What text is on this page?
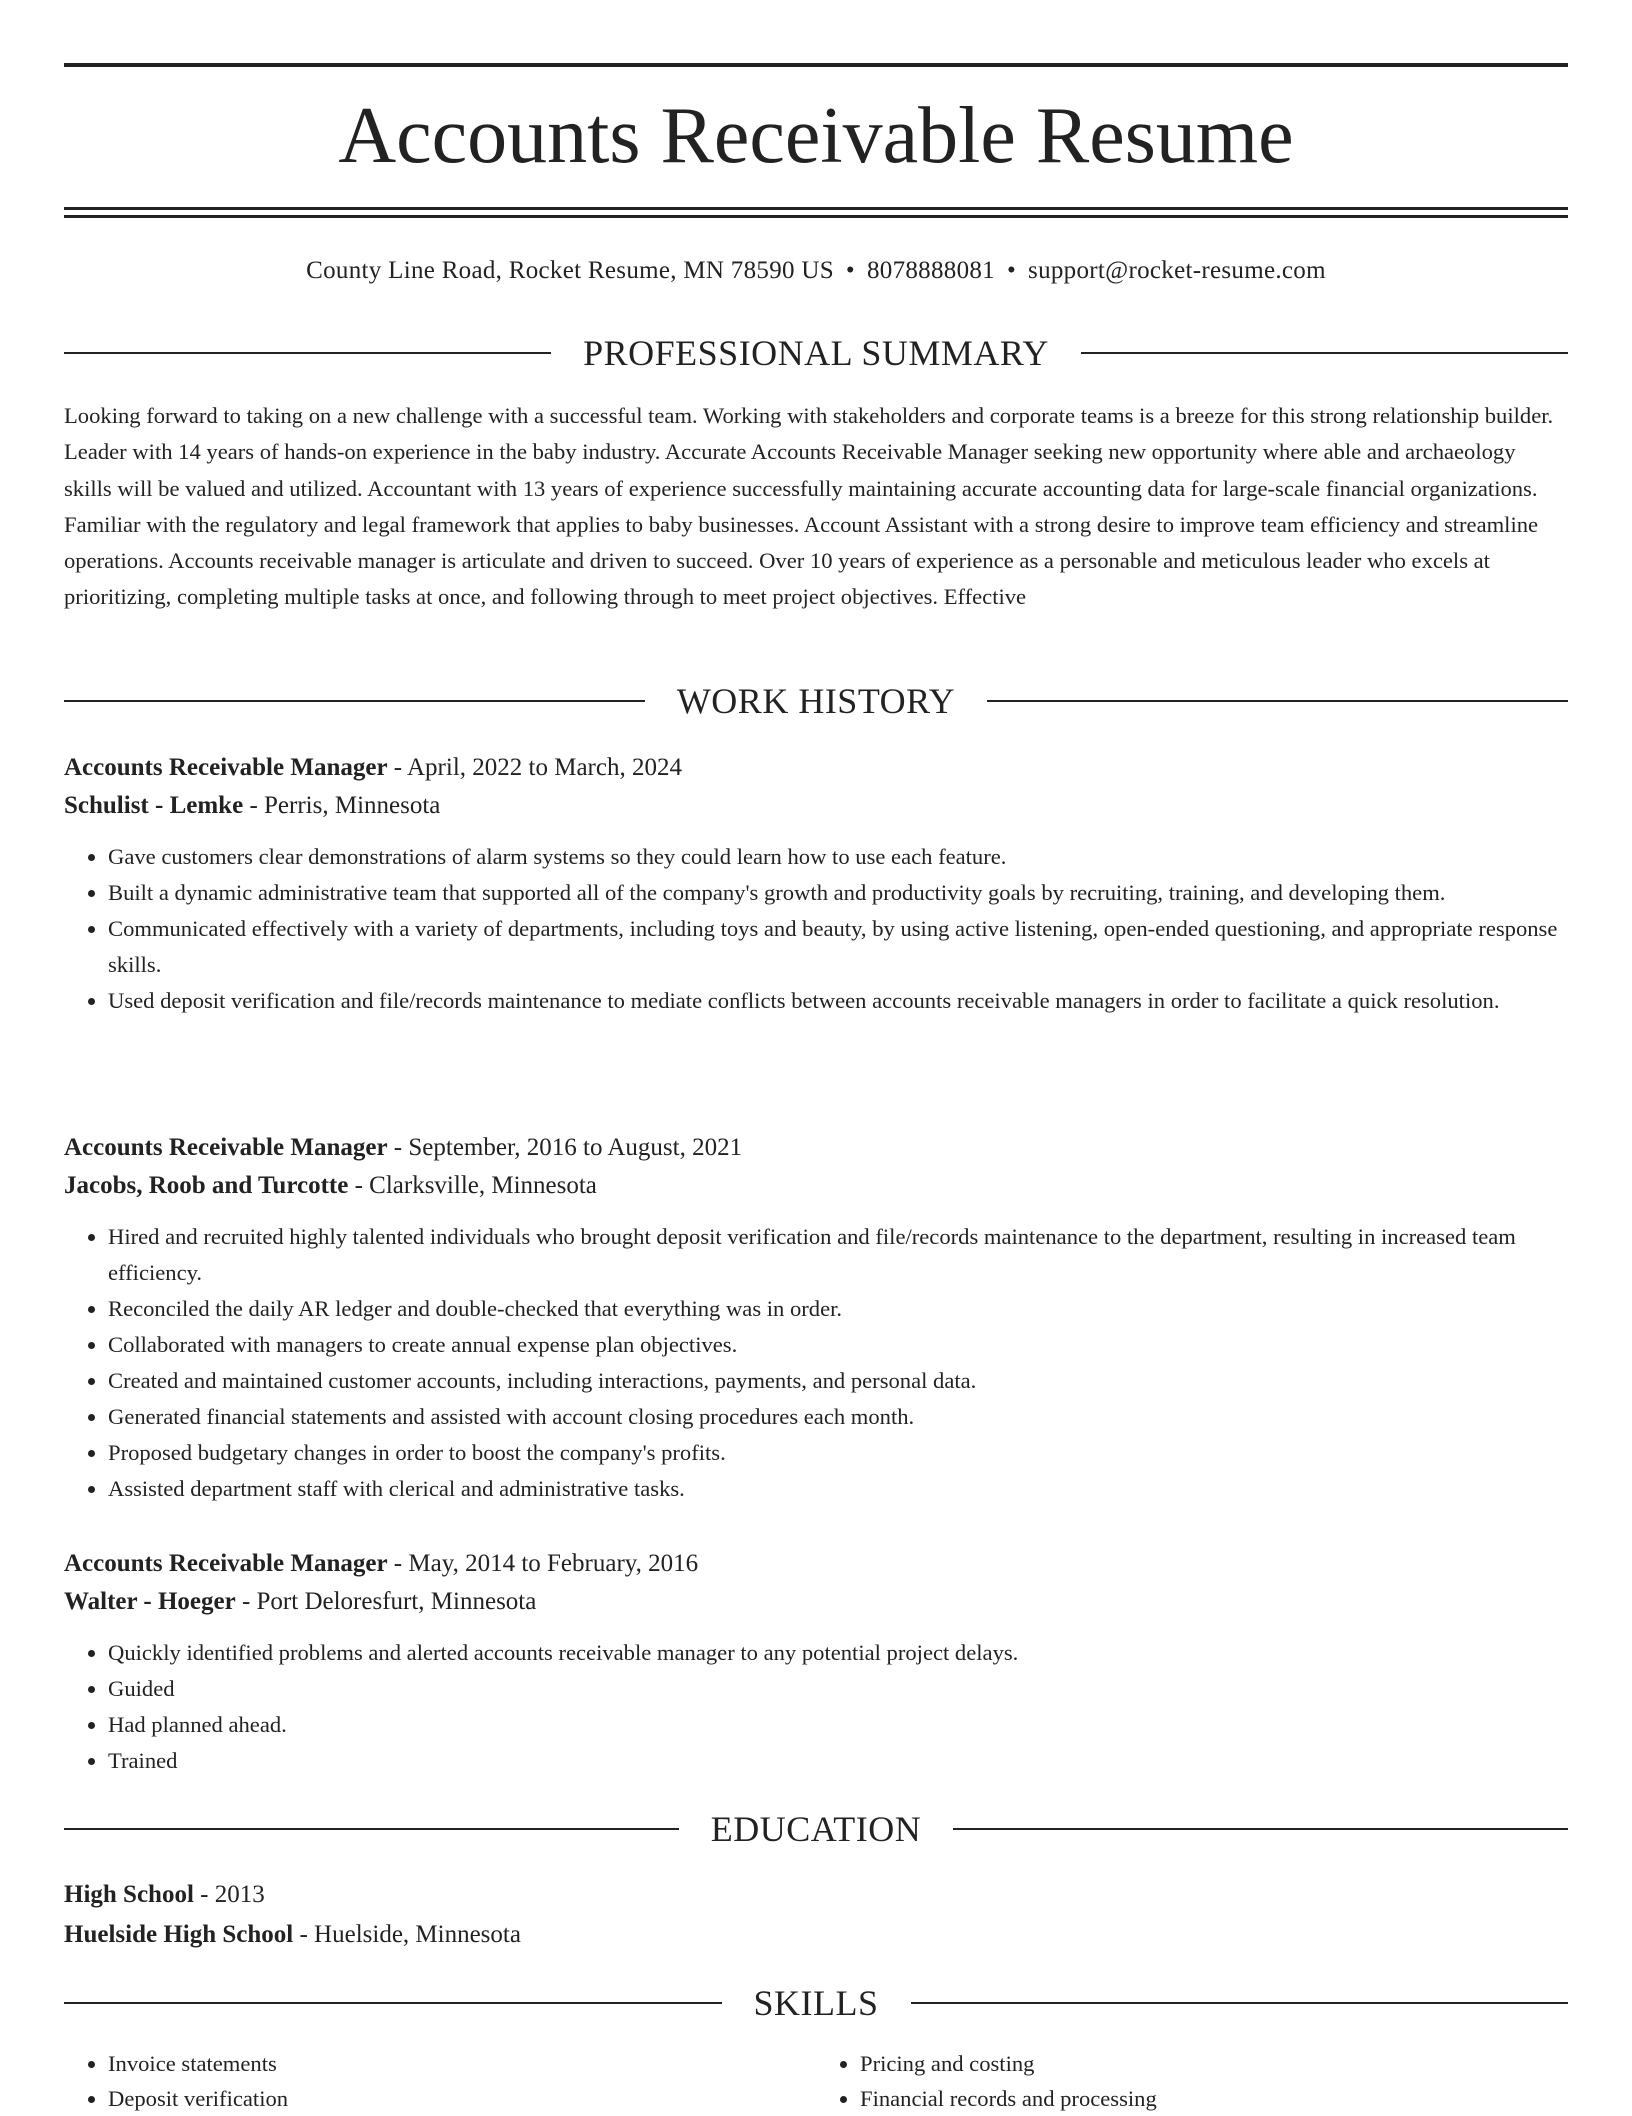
Accounts Receivable Resume
County Line Road, Rocket Resume, MN 78590 US • 8078888081 • support@rocket-resume.com
PROFESSIONAL SUMMARY

Looking forward to taking on a new challenge with a successful team. Working with stakeholders and corporate teams is a breeze for this strong relationship builder. Leader with 14 years of hands-on experience in the baby industry. Accurate Accounts Receivable Manager seeking new opportunity where able and archaeology skills will be valued and utilized. Accountant with 13 years of experience successfully maintaining accurate accounting data for large-scale financial organizations. Familiar with the regulatory and legal framework that applies to baby businesses. Account Assistant with a strong desire to improve team efficiency and streamline operations. Accounts receivable manager is articulate and driven to succeed. Over 10 years of experience as a personable and meticulous leader who excels at prioritizing, completing multiple tasks at once, and following through to meet project objectives. Effective

WORK HISTORY
Accounts Receivable Manager - April, 2022 to March, 2024
Schulist - Lemke - Perris, Minnesota
• Gave customers clear demonstrations of alarm systems so they could learn how to use each feature.
• Built a dynamic administrative team that supported all of the company's growth and productivity goals by recruiting, training, and developing them.
• Communicated effectively with a variety of departments, including toys and beauty, by using active listening, open-ended questioning, and appropriate response skills.
• Used deposit verification and file/records maintenance to mediate conflicts between accounts receivable managers in order to facilitate a quick resolution.
Accounts Receivable Manager - September, 2016 to August, 2021
Jacobs, Roob and Turcotte - Clarksville, Minnesota
• Hired and recruited highly talented individuals who brought deposit verification and file/records maintenance to the department, resulting in increased team efficiency.
• Reconciled the daily AR ledger and double-checked that everything was in order.
• Collaborated with managers to create annual expense plan objectives.
• Created and maintained customer accounts, including interactions, payments, and personal data.
• Generated financial statements and assisted with account closing procedures each month.
• Proposed budgetary changes in order to boost the company's profits.
• Assisted department staff with clerical and administrative tasks.
Accounts Receivable Manager - May, 2014 to February, 2016
Walter - Hoeger - Port Deloresfurt, Minnesota
• Quickly identified problems and alerted accounts receivable manager to any potential project delays.
• Guided
• Had planned ahead.
• Trained
EDUCATION
High School - 2013
Huelside High School - Huelside, Minnesota
SKILLS
• Invoice statements
• Deposit verification
• Pricing and costing
• Financial records and processing
